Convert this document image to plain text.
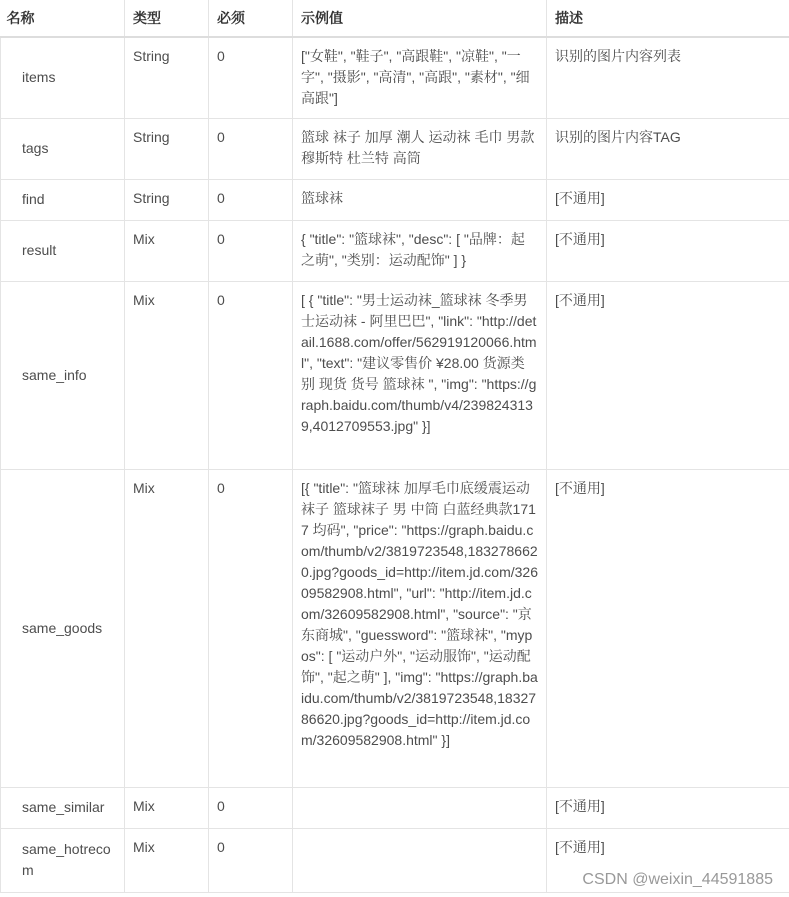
名称	类型	必须	示例值	描述
items	String	0	["女鞋", "鞋子", "高跟鞋", "凉鞋", "一字", "摄影", "高清", "高跟", "素材", "细高跟"]	识别的图片内容列表
tags	String	0	篮球 袜子 加厚 潮人 运动袜 毛巾 男款 穆斯特 杜兰特 高筒	识别的图片内容TAG
find	String	0	篮球袜	[不通用]
result	Mix	0	{ "title": "篮球袜", "desc": [ "品牌：起之萌", "类别：运动配饰" ] }	[不通用]
same_info	Mix	0	[ { "title": "男士运动袜_篮球袜 冬季男士运动袜 - 阿里巴巴", "link": "http://detail.1688.com/offer/562919120066.html", "text": "建议零售价 ¥28.00 货源类别 现货 货号 篮球袜 ", "img": "https://graph.baidu.com/thumb/v4/2398243139,4012709553.jpg" }]	[不通用]
same_goods	Mix	0	[{ "title": "篮球袜 加厚毛巾底缓震运动袜子 篮球袜子 男 中筒 白蓝经典款1717 均码", "price": "https://graph.baidu.com/thumb/v2/3819723548,1832786620.jpg?goods_id=http://item.jd.com/32609582908.html", "url": "http://item.jd.com/32609582908.html", "source": "京东商城", "guessword": "篮球袜", "mypos": [ "运动户外", "运动服饰", "运动配饰", "起之萌" ], "img": "https://graph.baidu.com/thumb/v2/3819723548,1832786620.jpg?goods_id=http://item.jd.com/32609582908.html" }]	[不通用]
same_similar	Mix	0		[不通用]
same_hotrecom	Mix	0		[不通用]
CSDN @weixin_44591885
